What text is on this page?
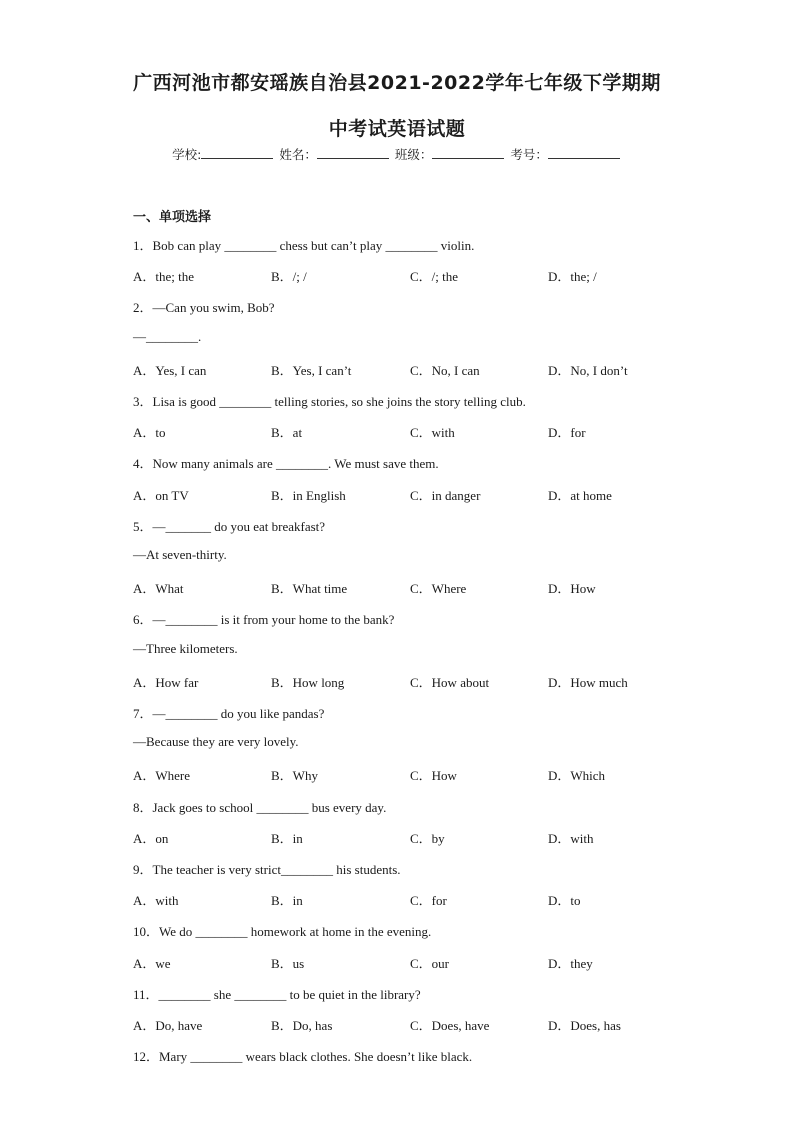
广西河池市都安瑶族自治县2021-2022学年七年级下学期期
中考试英语试题
学校:	姓名：	班级：	考号：
一、单项选择
1．Bob can play ________ chess but can’t play ________ violin.
A．the; the	B．/; /	C．/; the	D．the; /
2．—Can you swim, Bob?
—________.
A．Yes, I can	B．Yes, I can’t	C．No, I can	D．No, I don’t
3．Lisa is good ________ telling stories, so she joins the story telling club.
A．to	B．at	C．with	D．for
4．Now many animals are ________. We must save them.
A．on TV	B．in English	C．in danger	D．at home
5．—_______ do you eat breakfast?
—At seven-thirty.
A．What	B．What time	C．Where	D．How
6．—________ is it from your home to the bank?
—Three kilometers.
A．How far	B．How long	C．How about	D．How much
7．—________ do you like pandas?
—Because they are very lovely.
A．Where	B．Why	C．How	D．Which
8．Jack goes to school ________ bus every day.
A．on	B．in	C．by	D．with
9．The teacher is very strict________ his students.
A．with	B．in	C．for	D．to
10．We do ________ homework at home in the evening.
A．we	B．us	C．our	D．they
11．________ she ________ to be quiet in the library?
A．Do, have	B．Do, has	C．Does, have	D．Does, has
12．Mary ________ wears black clothes. She doesn’t like black.
